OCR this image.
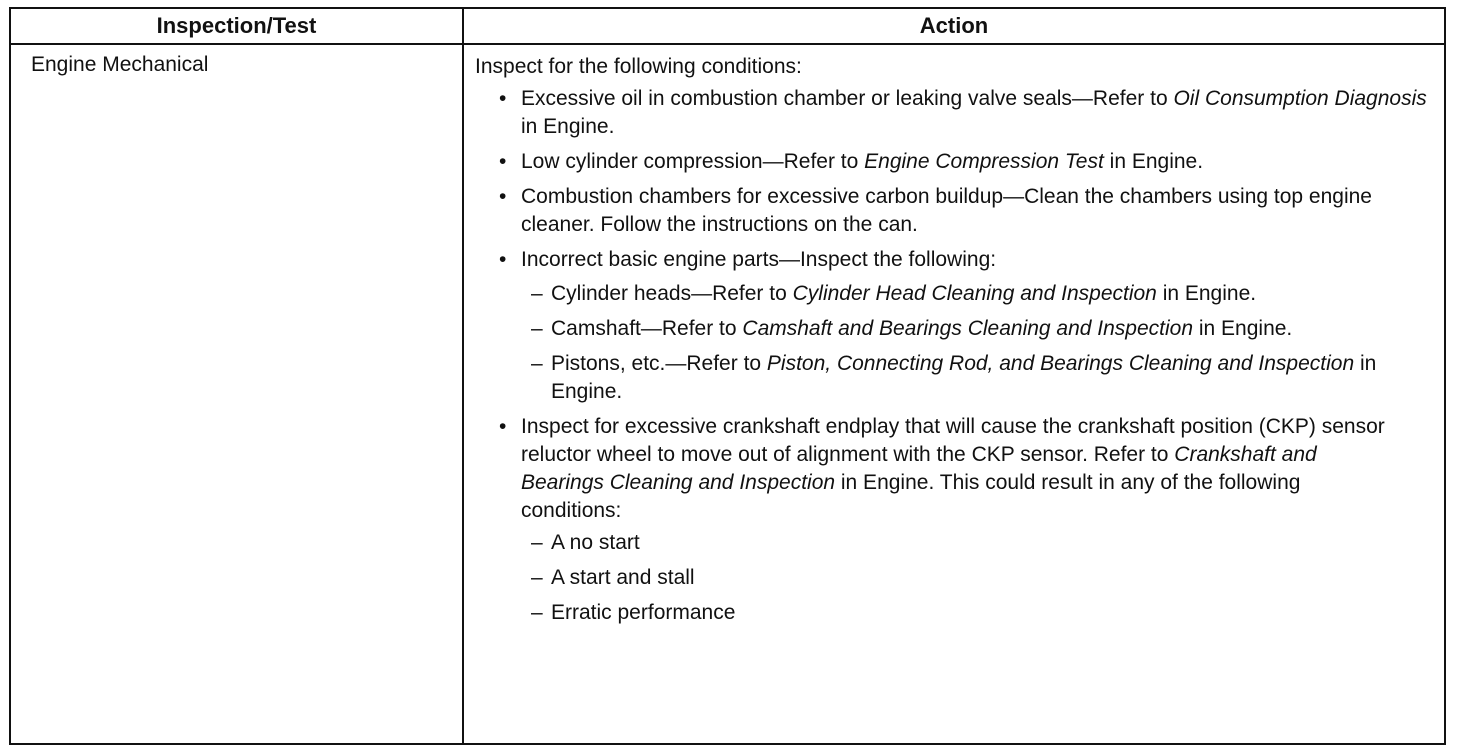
Inspection/Test	Action
Engine Mechanical	Inspect for the following conditions:

• Excessive oil in combustion chamber or leaking valve seals—Refer to Oil Consumption Diagnosis in Engine.
• Low cylinder compression—Refer to Engine Compression Test in Engine.
• Combustion chambers for excessive carbon buildup—Clean the chambers using top engine cleaner. Follow the instructions on the can.
• Incorrect basic engine parts—Inspect the following:
– Cylinder heads—Refer to Cylinder Head Cleaning and Inspection in Engine.
– Camshaft—Refer to Camshaft and Bearings Cleaning and Inspection in Engine.
– Pistons, etc.—Refer to Piston, Connecting Rod, and Bearings Cleaning and Inspection in Engine.
• Inspect for excessive crankshaft endplay that will cause the crankshaft position (CKP) sensor reluctor wheel to move out of alignment with the CKP sensor. Refer to Crankshaft and Bearings Cleaning and Inspection in Engine. This could result in any of the following conditions:
– A no start
– A start and stall
– Erratic performance
